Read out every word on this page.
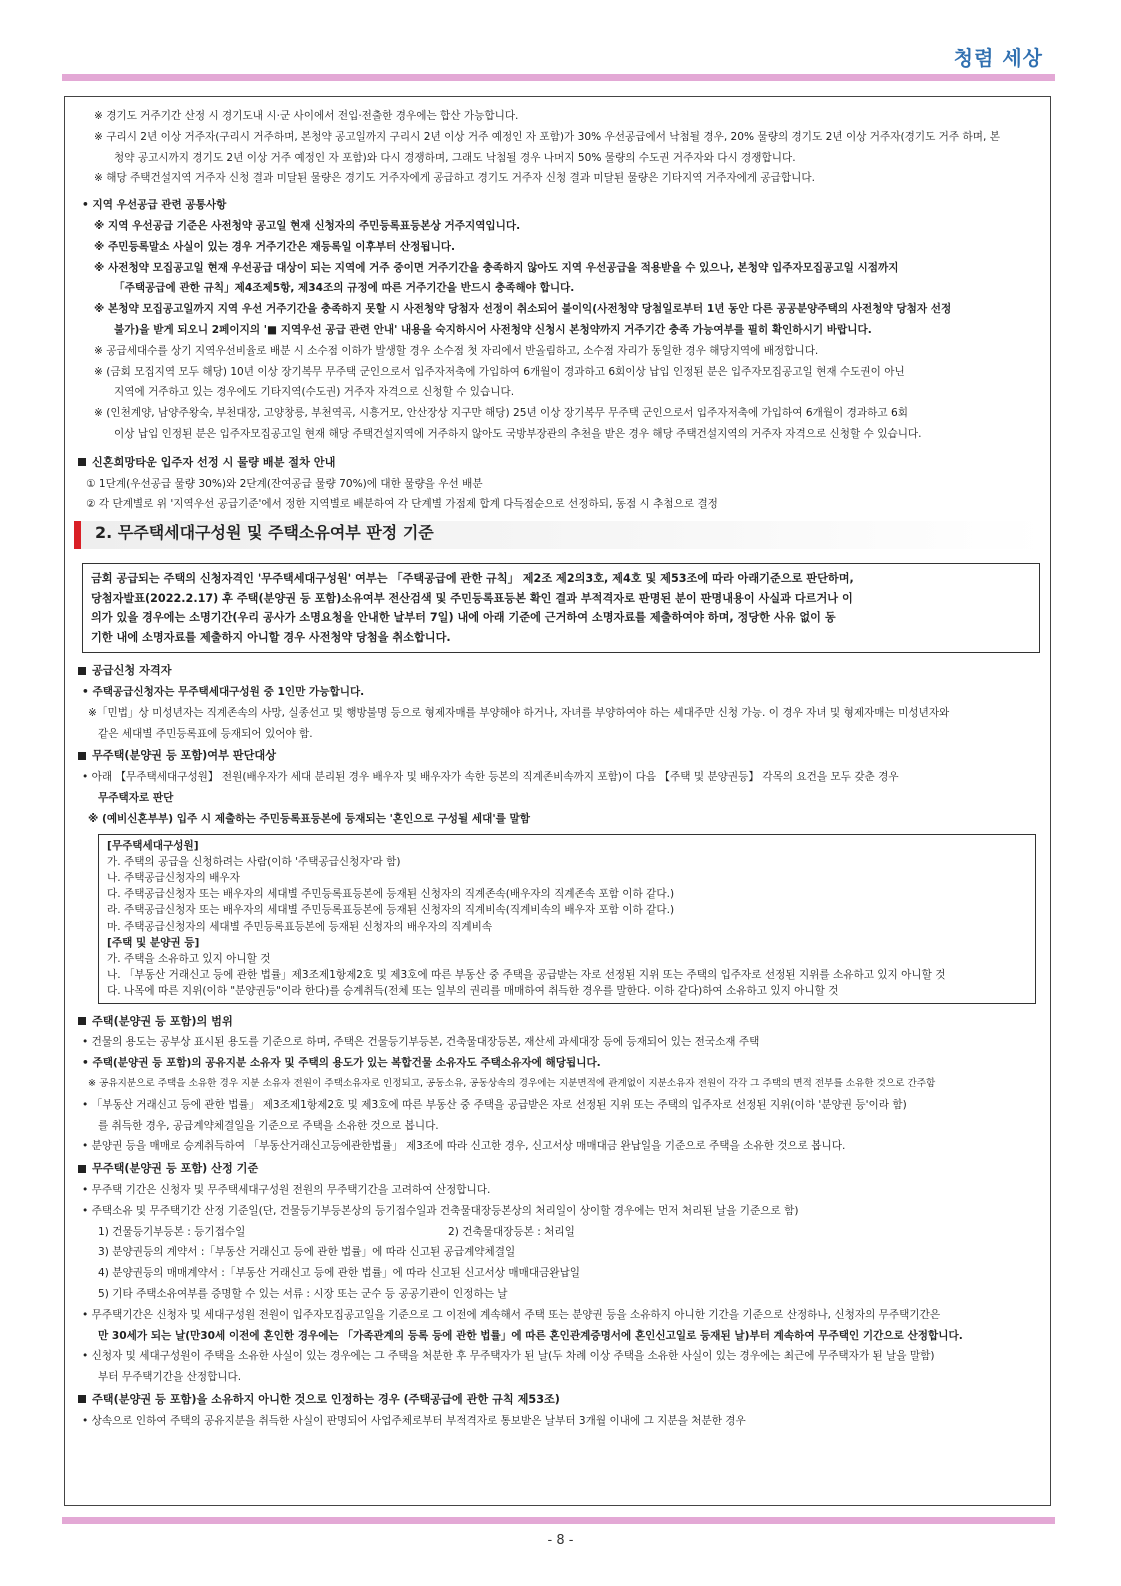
청렴 세상
※ 경기도 거주기간 산정 시 경기도내 시·군 사이에서 전입·전출한 경우에는 합산 가능합니다.
※ 구리시 2년 이상 거주자(구리시 거주하며, 본청약 공고일까지 구리시 2년 이상 거주 예정인 자 포함)가 30% 우선공급에서 낙첨될 경우, 20% 물량의 경기도 2년 이상 거주자(경기도 거주 하며, 본
청약 공고시까지 경기도 2년 이상 거주 예정인 자 포함)와 다시 경쟁하며, 그래도 낙첨될 경우 나머지 50% 물량의 수도권 거주자와 다시 경쟁합니다.
※ 해당 주택건설지역 거주자 신청 결과 미달된 물량은 경기도 거주자에게 공급하고 경기도 거주자 신청 결과 미달된 물량은 기타지역 거주자에게 공급합니다.
• 지역 우선공급 관련 공통사항
※ 지역 우선공급 기준은 사전청약 공고일 현재 신청자의 주민등록표등본상 거주지역입니다.
※ 주민등록말소 사실이 있는 경우 거주기간은 재등록일 이후부터 산정됩니다.
※ 사전청약 모집공고일 현재 우선공급 대상이 되는 지역에 거주 중이면 거주기간을 충족하지 않아도 지역 우선공급을 적용받을 수 있으나, 본청약 입주자모집공고일 시점까지
「주택공급에 관한 규칙」제4조제5항, 제34조의 규정에 따른 거주기간을 반드시 충족해야 합니다.
※ 본청약 모집공고일까지 지역 우선 거주기간을 충족하지 못할 시 사전청약 당첨자 선정이 취소되어 불이익(사전청약 당첨일로부터 1년 동안 다른 공공분양주택의 사전청약 당첨자 선정
불가)을 받게 되오니 2페이지의 '■ 지역우선 공급 관련 안내' 내용을 숙지하시어 사전청약 신청시 본청약까지 거주기간 충족 가능여부를 필히 확인하시기 바랍니다.
※ 공급세대수를 상기 지역우선비율로 배분 시 소수점 이하가 발생할 경우 소수점 첫 자리에서 반올림하고, 소수점 자리가 동일한 경우 해당지역에 배정합니다.
※ (금회 모집지역 모두 해당) 10년 이상 장기복무 무주택 군인으로서 입주자저축에 가입하여 6개월이 경과하고 6회이상 납입 인정된 분은 입주자모집공고일 현재 수도권이 아닌
지역에 거주하고 있는 경우에도 기타지역(수도권) 거주자 자격으로 신청할 수 있습니다.
※ (인천계양, 남양주왕숙, 부천대장, 고양창릉, 부천역곡, 시흥거모, 안산장상 지구만 해당) 25년 이상 장기복무 무주택 군인으로서 입주자저축에 가입하여 6개월이 경과하고 6회
이상 납입 인정된 분은 입주자모집공고일 현재 해당 주택건설지역에 거주하지 않아도 국방부장관의 추천을 받은 경우 해당 주택건설지역의 거주자 자격으로 신청할 수 있습니다.
신혼희망타운 입주자 선정 시 물량 배분 절차 안내
① 1단계(우선공급 물량 30%)와 2단계(잔여공급 물량 70%)에 대한 물량을 우선 배분
② 각 단계별로 위 '지역우선 공급기준'에서 정한 지역별로 배분하여 각 단계별 가점제 합계 다득점순으로 선정하되, 동점 시 추첨으로 결정
2. 무주택세대구성원 및 주택소유여부 판정 기준
금회 공급되는 주택의 신청자격인 '무주택세대구성원' 여부는 「주택공급에 관한 규칙」 제2조 제2의3호, 제4호 및 제53조에 따라 아래기준으로 판단하며,
당첨자발표(2022.2.17) 후 주택(분양권 등 포함)소유여부 전산검색 및 주민등록표등본 확인 결과 부적격자로 판명된 분이 판명내용이 사실과 다르거나 이
의가 있을 경우에는 소명기간(우리 공사가 소명요청을 안내한 날부터 7일) 내에 아래 기준에 근거하여 소명자료를 제출하여야 하며, 정당한 사유 없이 동
기한 내에 소명자료를 제출하지 아니할 경우 사전청약 당첨을 취소합니다.
공급신청 자격자
• 주택공급신청자는 무주택세대구성원 중 1인만 가능합니다.
※「민법」상 미성년자는 직계존속의 사망, 실종선고 및 행방불명 등으로 형제자매를 부양해야 하거나, 자녀를 부양하여야 하는 세대주만 신청 가능. 이 경우 자녀 및 형제자매는 미성년자와
같은 세대별 주민등록표에 등재되어 있어야 함.
무주택(분양권 등 포함)여부 판단대상
• 아래 【무주택세대구성원】 전원(배우자가 세대 분리된 경우 배우자 및 배우자가 속한 등본의 직계존비속까지 포함)이 다음 【주택 및 분양권등】 각목의 요건을 모두 갖춘 경우
무주택자로 판단
※ (예비신혼부부) 입주 시 제출하는 주민등록표등본에 등재되는 '혼인으로 구성될 세대'를 말함
[무주택세대구성원]
가. 주택의 공급을 신청하려는 사람(이하 '주택공급신청자'라 함)
나. 주택공급신청자의 배우자
다. 주택공급신청자 또는 배우자의 세대별 주민등록표등본에 등재된 신청자의 직계존속(배우자의 직계존속 포함 이하 같다.)
라. 주택공급신청자 또는 배우자의 세대별 주민등록표등본에 등재된 신청자의 직계비속(직계비속의 배우자 포함 이하 같다.)
마. 주택공급신청자의 세대별 주민등록표등본에 등재된 신청자의 배우자의 직계비속
[주택 및 분양권 등]
가. 주택을 소유하고 있지 아니할 것
나. 「부동산 거래신고 등에 관한 법률」제3조제1항제2호 및 제3호에 따른 부동산 중 주택을 공급받는 자로 선정된 지위 또는 주택의 입주자로 선정된 지위를 소유하고 있지 아니할 것
다. 나목에 따른 지위(이하 "분양권등"이라 한다)를 승계취득(전체 또는 일부의 권리를 매매하여 취득한 경우를 말한다. 이하 같다)하여 소유하고 있지 아니할 것
주택(분양권 등 포함)의 범위
• 건물의 용도는 공부상 표시된 용도를 기준으로 하며, 주택은 건물등기부등본, 건축물대장등본, 재산세 과세대장 등에 등재되어 있는 전국소재 주택
• 주택(분양권 등 포함)의 공유지분 소유자 및 주택의 용도가 있는 복합건물 소유자도 주택소유자에 해당됩니다.
※ 공유지분으로 주택을 소유한 경우 지분 소유자 전원이 주택소유자로 인정되고, 공동소유, 공동상속의 경우에는 지분면적에 관계없이 지분소유자 전원이 각각 그 주택의 면적 전부를 소유한 것으로 간주함
• 「부동산 거래신고 등에 관한 법률」 제3조제1항제2호 및 제3호에 따른 부동산 중 주택을 공급받은 자로 선정된 지위 또는 주택의 입주자로 선정된 지위(이하 '분양권 등'이라 함)
를 취득한 경우, 공급계약체결일을 기준으로 주택을 소유한 것으로 봅니다.
• 분양권 등을 매매로 승계취득하여 「부동산거래신고등에관한법률」 제3조에 따라 신고한 경우, 신고서상 매매대금 완납일을 기준으로 주택을 소유한 것으로 봅니다.
무주택(분양권 등 포함) 산정 기준
• 무주택 기간은 신청자 및 무주택세대구성원 전원의 무주택기간을 고려하여 산정합니다.
• 주택소유 및 무주택기간 산정 기준일(단, 건물등기부등본상의 등기접수일과 건축물대장등본상의 처리일이 상이할 경우에는 먼저 처리된 날을 기준으로 함)
1) 건물등기부등본 : 등기접수일	2) 건축물대장등본 : 처리일
3) 분양권등의 계약서 :「부동산 거래신고 등에 관한 법률」에 따라 신고된 공급계약체결일
4) 분양권등의 매매계약서 :「부동산 거래신고 등에 관한 법률」에 따라 신고된 신고서상 매매대금완납일
5) 기타 주택소유여부를 증명할 수 있는 서류 : 시장 또는 군수 등 공공기관이 인정하는 날
• 무주택기간은 신청자 및 세대구성원 전원이 입주자모집공고일을 기준으로 그 이전에 계속해서 주택 또는 분양권 등을 소유하지 아니한 기간을 기준으로 산정하나, 신청자의 무주택기간은
만 30세가 되는 날(만30세 이전에 혼인한 경우에는 「가족관계의 등록 등에 관한 법률」에 따른 혼인관계증명서에 혼인신고일로 등재된 날)부터 계속하여 무주택인 기간으로 산정합니다.
• 신청자 및 세대구성원이 주택을 소유한 사실이 있는 경우에는 그 주택을 처분한 후 무주택자가 된 날(두 차례 이상 주택을 소유한 사실이 있는 경우에는 최근에 무주택자가 된 날을 말함)
부터 무주택기간을 산정합니다.
주택(분양권 등 포함)을 소유하지 아니한 것으로 인정하는 경우 (주택공급에 관한 규칙 제53조)
• 상속으로 인하여 주택의 공유지분을 취득한 사실이 판명되어 사업주체로부터 부적격자로 통보받은 날부터 3개월 이내에 그 지분을 처분한 경우
- 8 -
